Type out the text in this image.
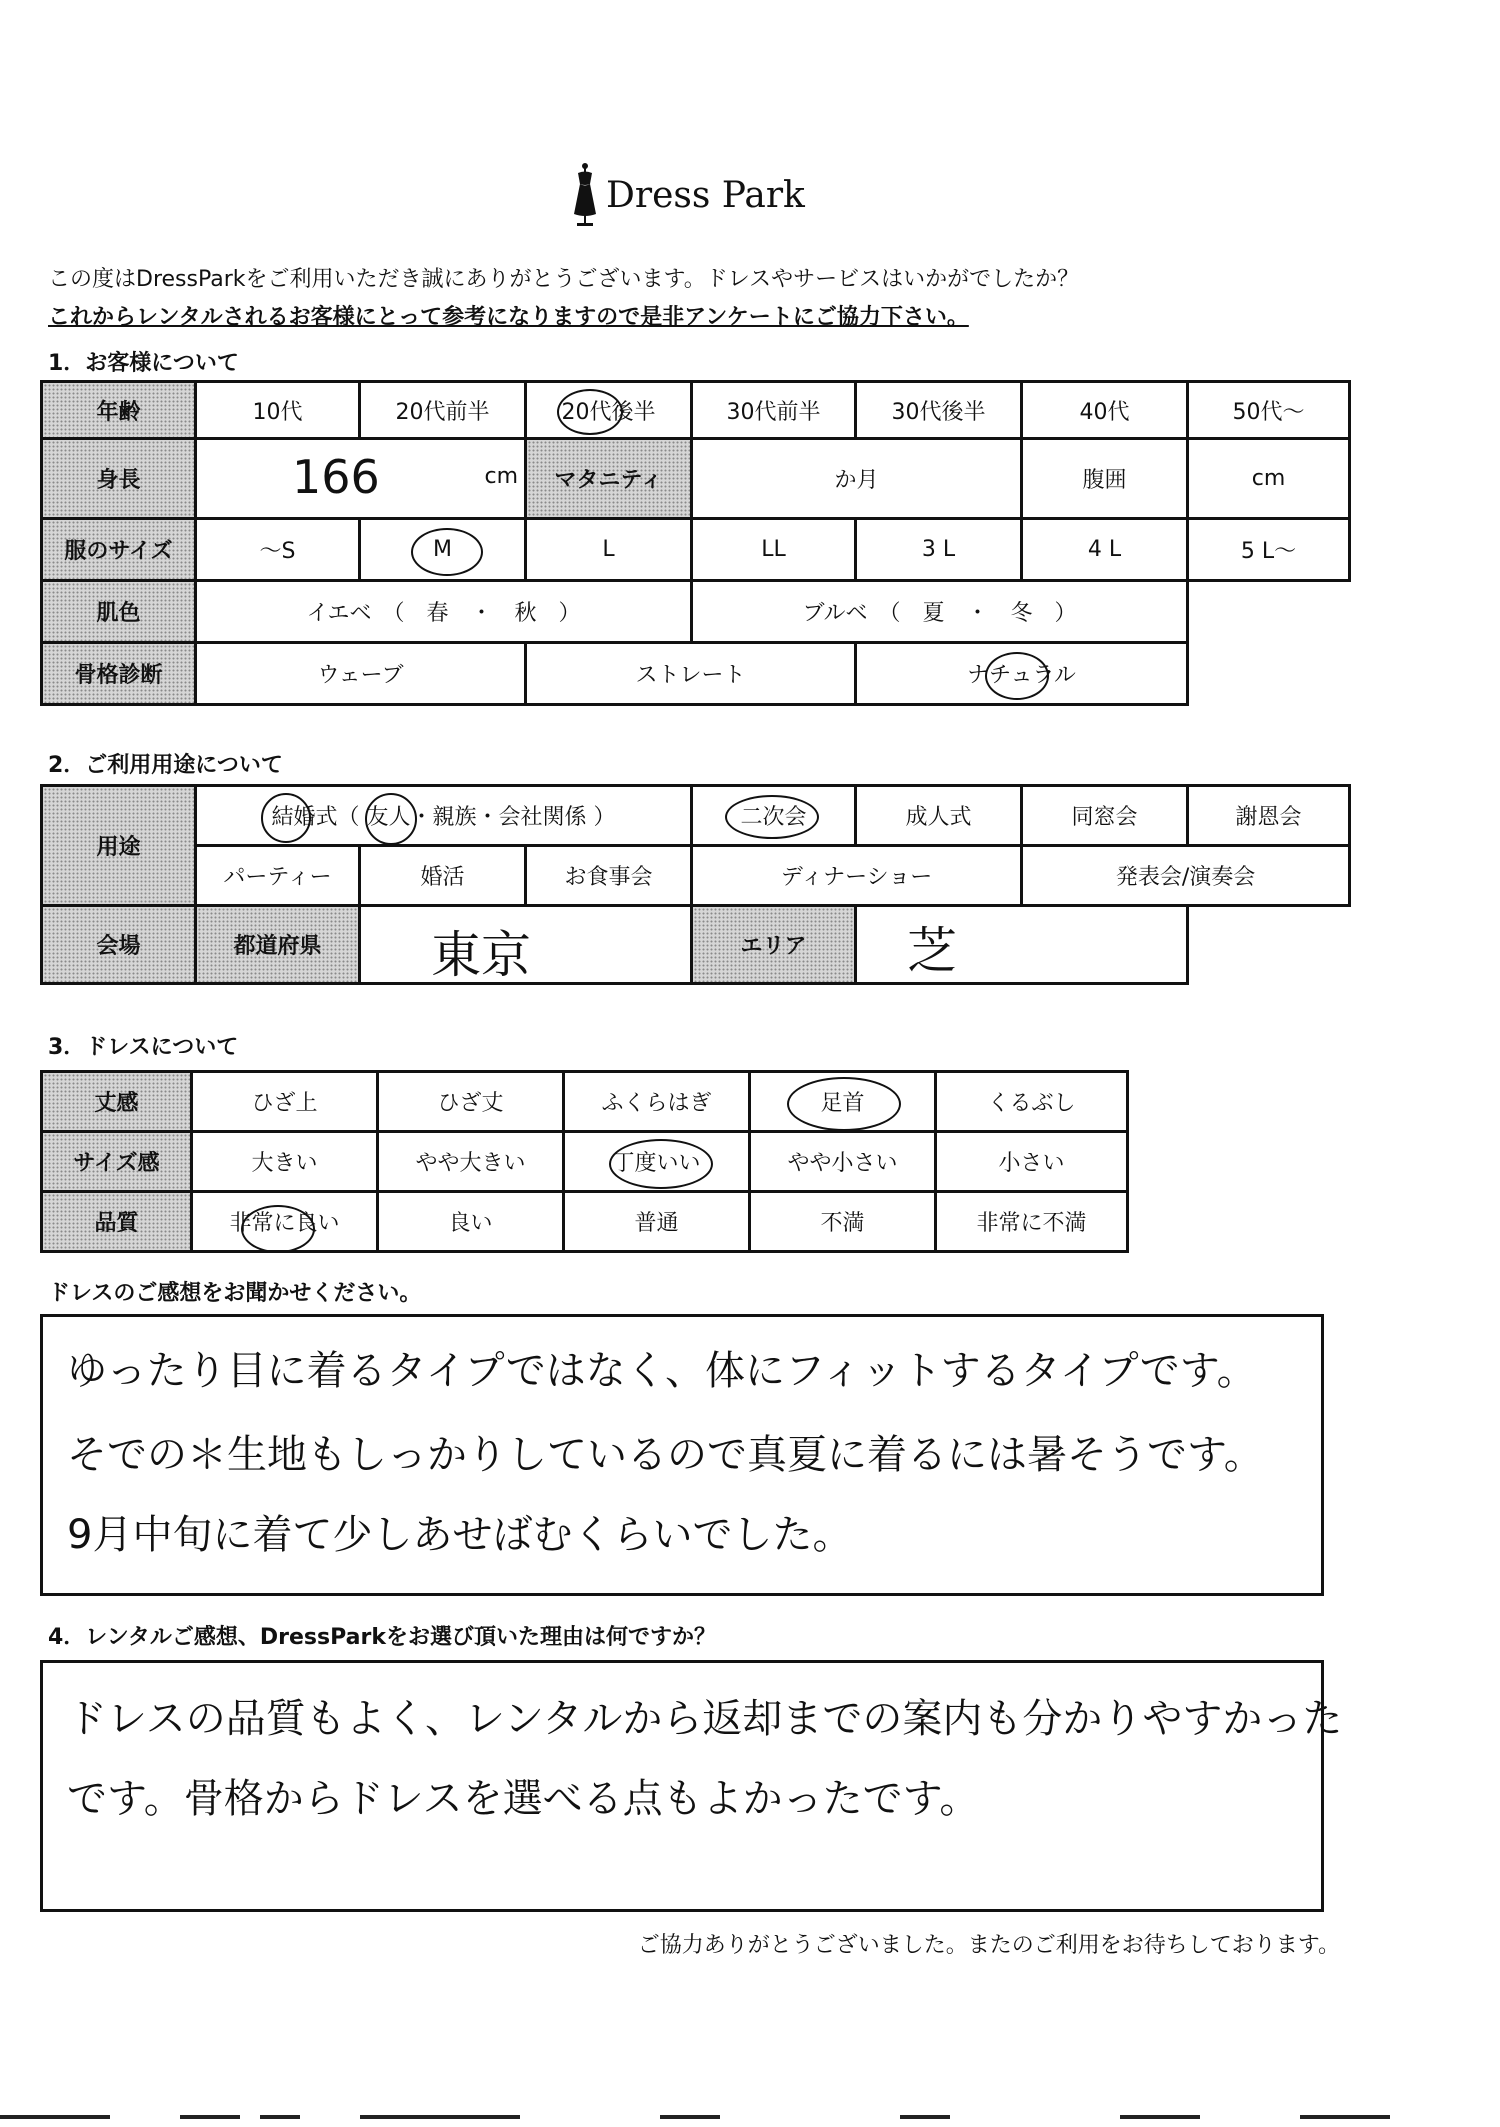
Dress Park
この度はDressParkをご利用いただき誠にありがとうございます。ドレスやサービスはいかがでしたか？
これからレンタルされるお客様にとって参考になりますので是非アンケートにご協力下さい。
1．お客様について
年齢	10代	20代前半	20代後半	30代前半	30代後半	40代	50代～
身長	166 cm		マタニティ	か月		腹囲	cm
服のサイズ	～S	M	L	LL	3 L	4 L	5 L～
肌色	イエベ　（　春　・　秋　）			ブルベ　（　夏　・　冬　）			
骨格診断	ウェーブ		ストレート		ナチュラル	

2．ご利用用途について
用途	結婚式（ 友人・親族・会社関係 ）			二次会	成人式	同窓会	謝恩会
	パーティー	婚活	お食事会	ディナーショー		発表会/演奏会	
会場	都道府県	東京		エリア	芝		

3．ドレスについて
丈感	ひざ上	ひざ丈	ふくらはぎ	足首	くるぶし
サイズ感	大きい	やや大きい	丁度いい	やや小さい	小さい
品質	非常に良い	良い	普通	不満	非常に不満
ドレスのご感想をお聞かせください。
ゆったり目に着るタイプではなく、体にフィットするタイプです。
そでの＊生地もしっかりしているので真夏に着るには暑そうです。
9月中旬に着て少しあせばむくらいでした。
4．レンタルご感想、DressParkをお選び頂いた理由は何ですか？
ドレスの品質もよく、レンタルから返却までの案内も分かりやすかった
です。骨格からドレスを選べる点もよかったです。
ご協力ありがとうございました。またのご利用をお待ちしております。
